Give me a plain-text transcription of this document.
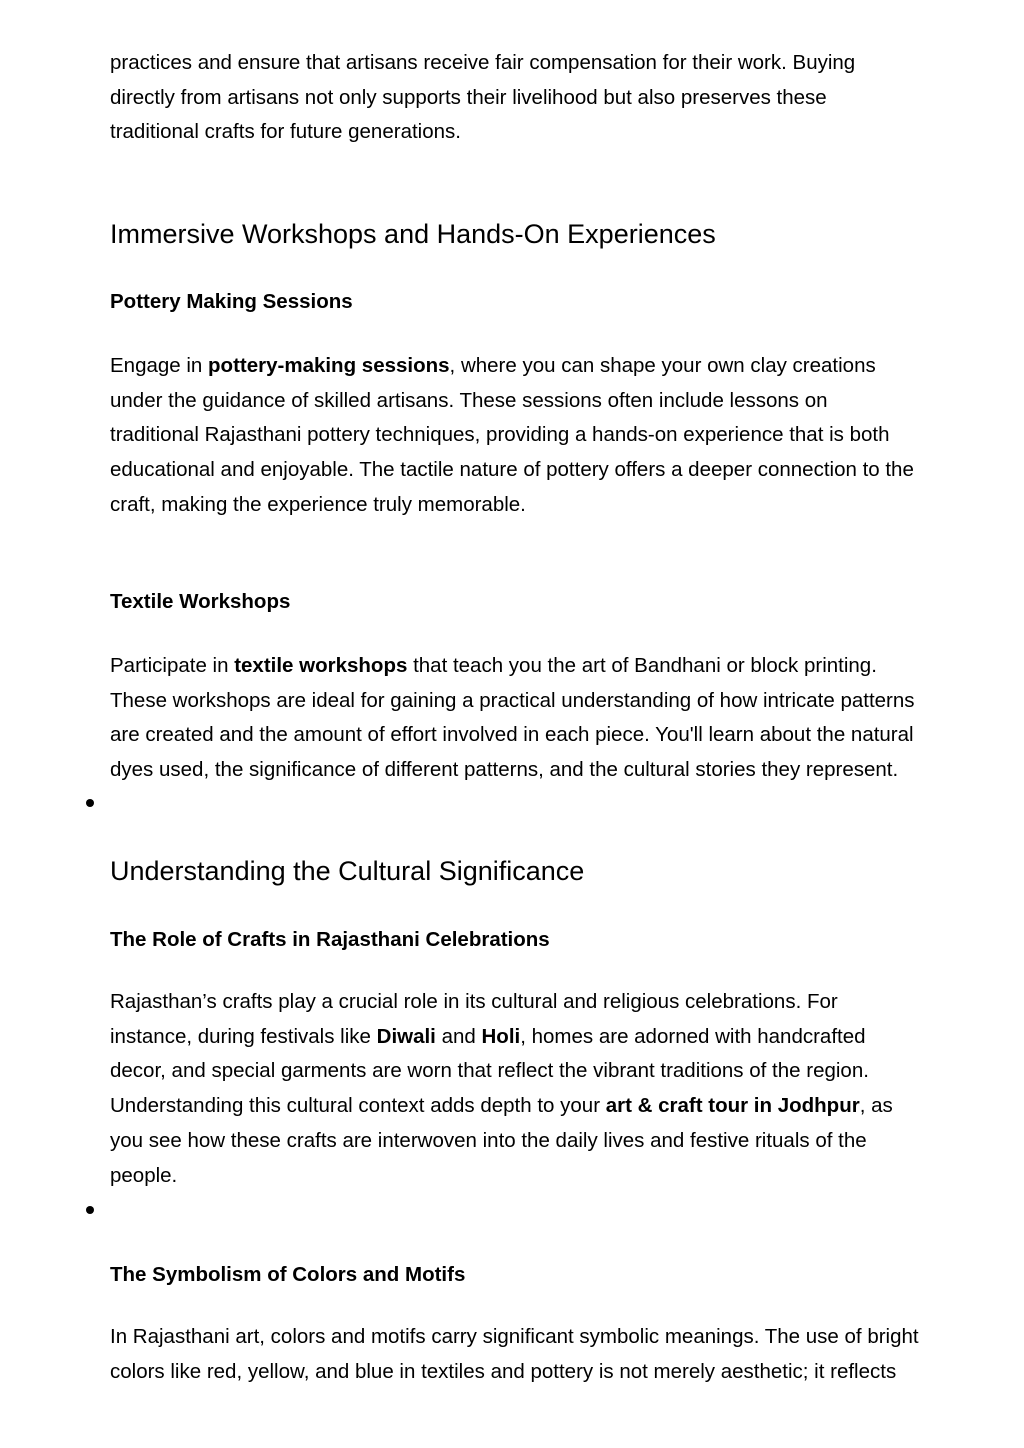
practices and ensure that artisans receive fair compensation for their work. Buying
directly from artisans not only supports their livelihood but also preserves these
traditional crafts for future generations.

Immersive Workshops and Hands-On Experiences
Pottery Making Sessions

Engage in pottery-making sessions, where you can shape your own clay creations
under the guidance of skilled artisans. These sessions often include lessons on
traditional Rajasthani pottery techniques, providing a hands-on experience that is both
educational and enjoyable. The tactile nature of pottery offers a deeper connection to the
craft, making the experience truly memorable.

Textile Workshops

Participate in textile workshops that teach you the art of Bandhani or block printing.
These workshops are ideal for gaining a practical understanding of how intricate patterns
are created and the amount of effort involved in each piece. You'll learn about the natural
dyes used, the significance of different patterns, and the cultural stories they represent.

Understanding the Cultural Significance
The Role of Crafts in Rajasthani Celebrations

Rajasthan’s crafts play a crucial role in its cultural and religious celebrations. For
instance, during festivals like Diwali and Holi, homes are adorned with handcrafted
decor, and special garments are worn that reflect the vibrant traditions of the region.
Understanding this cultural context adds depth to your art & craft tour in Jodhpur, as
you see how these crafts are interwoven into the daily lives and festive rituals of the
people.

The Symbolism of Colors and Motifs

In Rajasthani art, colors and motifs carry significant symbolic meanings. The use of bright
colors like red, yellow, and blue in textiles and pottery is not merely aesthetic; it reflects
